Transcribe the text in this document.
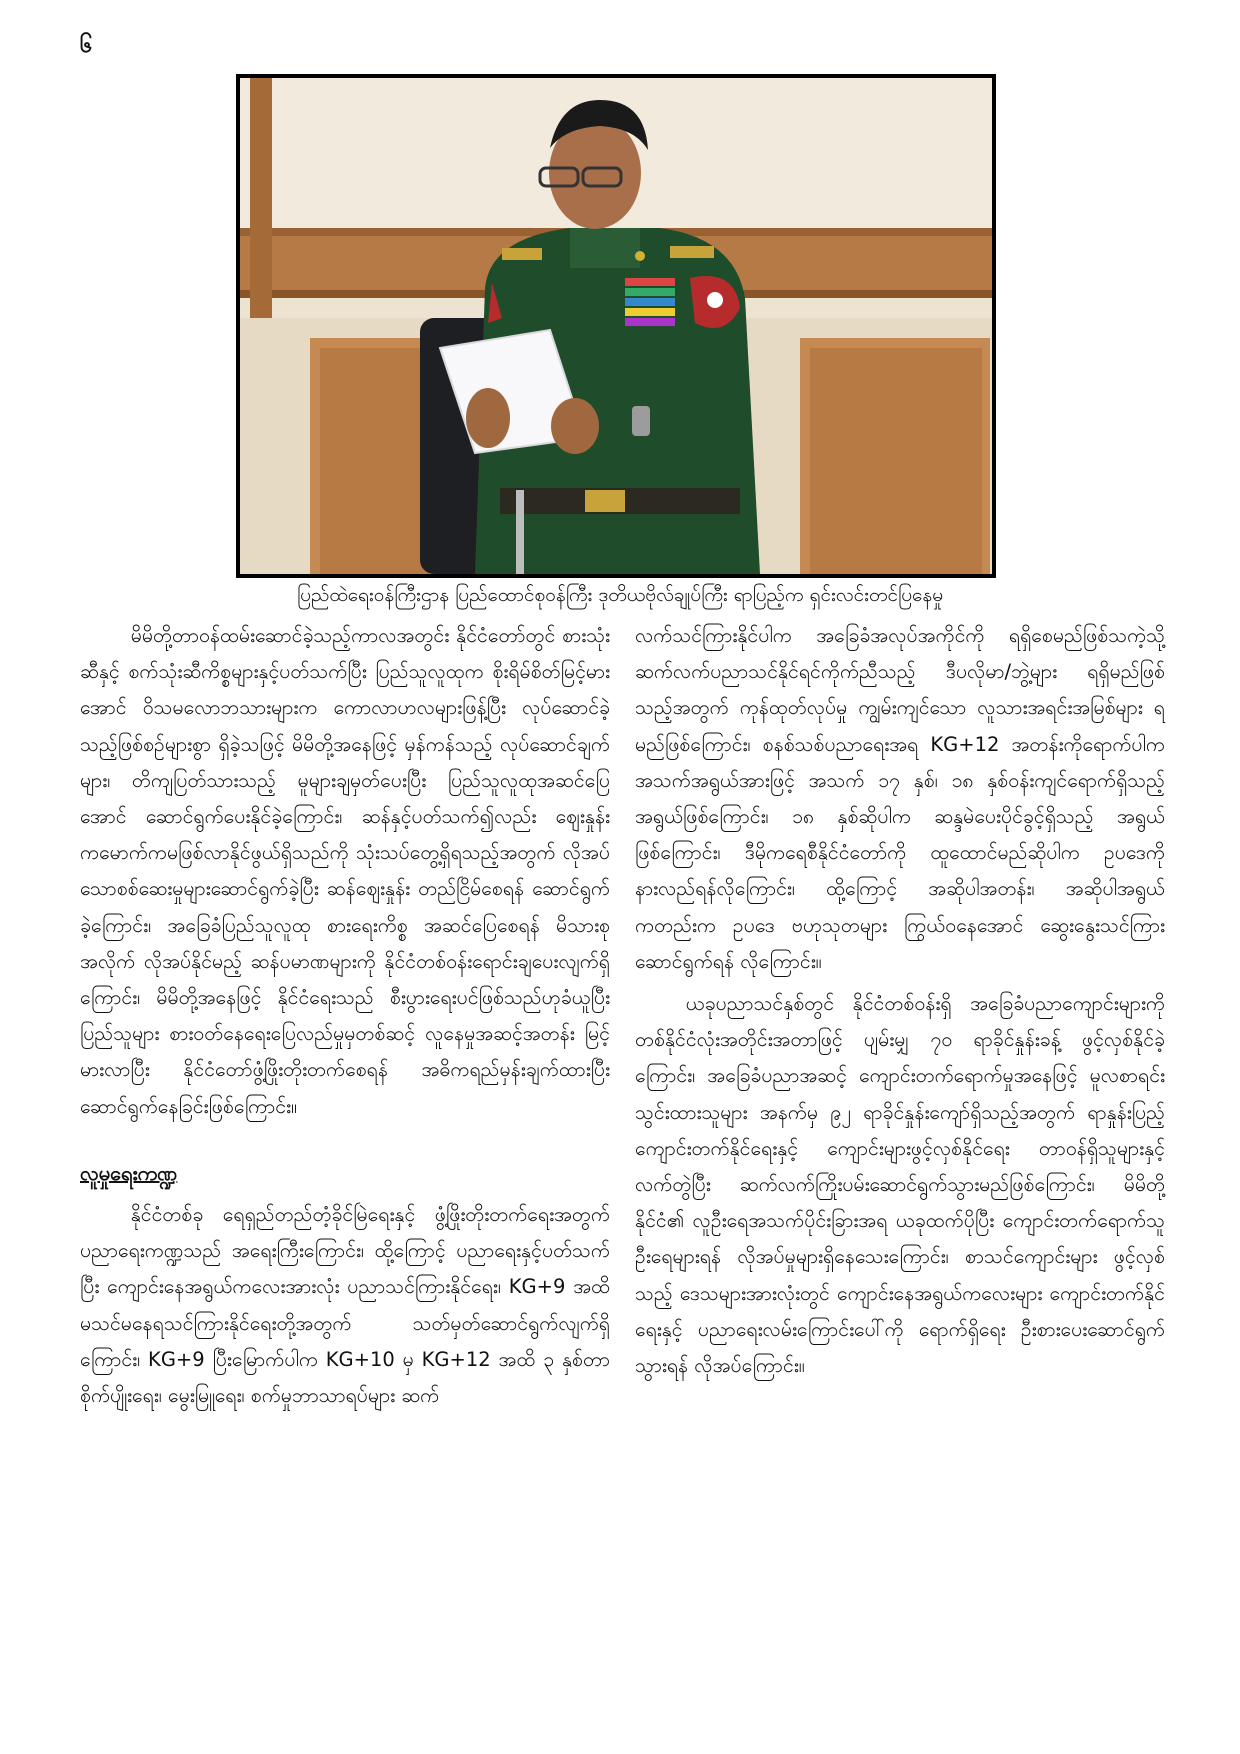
၆
ပြည်ထဲရေးဝန်ကြီးဌာန ပြည်ထောင်စုဝန်ကြီး ဒုတိယဗိုလ်ချုပ်ကြီး ရာပြည့်က ရှင်းလင်းတင်ပြနေမှု

မိမိတို့တာဝန်ထမ်းဆောင်ခဲ့သည့်ကာလအတွင်း နိုင်ငံတော်တွင် စားသုံးဆီနှင့် စက်သုံးဆီကိစ္စများနှင့်ပတ်သက်ပြီး ပြည်သူလူထုက စိုးရိမ်စိတ်မြင့်မားအောင် ဝိသမလောဘသားများက ကောလာဟလများဖြန့်ပြီး လုပ်ဆောင်ခဲ့သည့်ဖြစ်စဉ်များစွာ ရှိခဲ့သဖြင့် မိမိတို့အနေဖြင့် မှန်ကန်သည့် လုပ်ဆောင်ချက်များ၊ တိကျပြတ်သားသည့် မူများချမှတ်ပေးပြီး ပြည်သူလူထုအဆင်ပြေအောင် ဆောင်ရွက်ပေးနိုင်ခဲ့ကြောင်း၊ ဆန်နှင့်ပတ်သက်၍လည်း ဈေးနှုန်းကမောက်ကမဖြစ်လာနိုင်ဖွယ်ရှိသည်ကို သုံးသပ်တွေ့ရှိရသည့်အတွက် လိုအပ်သောစစ်ဆေးမှုများဆောင်ရွက်ခဲ့ပြီး ဆန်ဈေးနှုန်း တည်ငြိမ်စေရန် ဆောင်ရွက်ခဲ့ကြောင်း၊ အခြေခံပြည်သူလူထု စားရေးကိစ္စ အဆင်ပြေစေရန် မိသားစုအလိုက် လိုအပ်နိုင်မည့် ဆန်ပမာဏများကို နိုင်ငံတစ်ဝန်းရောင်းချပေးလျက်ရှိကြောင်း၊ မိမိတို့အနေဖြင့် နိုင်ငံရေးသည် စီးပွားရေးပင်ဖြစ်သည်ဟုခံယူပြီး ပြည်သူများ စားဝတ်နေရေးပြေလည်မှုမှတစ်ဆင့် လူနေမှုအဆင့်အတန်း မြင့်မားလာပြီး နိုင်ငံတော်ဖွံ့ဖြိုးတိုးတက်စေရန် အဓိကရည်မှန်းချက်ထားပြီး ဆောင်ရွက်နေခြင်းဖြစ်ကြောင်း။

လူမှုရေးကဏ္ဍ

နိုင်ငံတစ်ခု ရေရှည်တည်တံ့ခိုင်မြဲရေးနှင့် ဖွံ့ဖြိုးတိုးတက်ရေးအတွက် ပညာရေးကဏ္ဍသည် အရေးကြီးကြောင်း၊ ထို့ကြောင့် ပညာရေးနှင့်ပတ်သက်ပြီး ကျောင်းနေအရွယ်ကလေးအားလုံး ပညာသင်ကြားနိုင်ရေး၊ KG+9 အထိ မသင်မနေရသင်ကြားနိုင်ရေးတို့အတွက် သတ်မှတ်ဆောင်ရွက်လျက်ရှိကြောင်း၊ KG+9 ပြီးမြောက်ပါက KG+10 မှ KG+12 အထိ ၃ နှစ်တာ စိုက်ပျိုးရေး၊ မွေးမြူရေး၊ စက်မှုဘာသာရပ်များ ဆက်

လက်သင်ကြားနိုင်ပါက အခြေခံအလုပ်အကိုင်ကို ရရှိစေမည်ဖြစ်သကဲ့သို့ ဆက်လက်ပညာသင်နိုင်ရင်ကိုက်ညီသည့် ဒီပလိုမာ/ဘွဲ့များ ရရှိမည်ဖြစ်သည့်အတွက် ကုန်ထုတ်လုပ်မှု ကျွမ်းကျင်သော လူသားအရင်းအမြစ်များ ရမည်ဖြစ်ကြောင်း၊ စနစ်သစ်ပညာရေးအရ KG+12 အတန်းကိုရောက်ပါက အသက်အရွယ်အားဖြင့် အသက် ၁၇ နှစ်၊ ၁၈ နှစ်ဝန်းကျင်ရောက်ရှိသည့် အရွယ်ဖြစ်ကြောင်း၊ ၁၈ နှစ်ဆိုပါက ဆန္ဒမဲပေးပိုင်ခွင့်ရှိသည့် အရွယ်ဖြစ်ကြောင်း၊ ဒီမိုကရေစီနိုင်ငံတော်ကို ထူထောင်မည်ဆိုပါက ဥပဒေကို နားလည်ရန်လိုကြောင်း၊ ထို့ကြောင့် အဆိုပါအတန်း၊ အဆိုပါအရွယ်ကတည်းက ဥပဒေ ဗဟုသုတများ ကြွယ်ဝနေအောင် ဆွေးနွေးသင်ကြားဆောင်ရွက်ရန် လိုကြောင်း။

ယခုပညာသင်နှစ်တွင် နိုင်ငံတစ်ဝန်းရှိ အခြေခံပညာကျောင်းများကို တစ်နိုင်ငံလုံးအတိုင်းအတာဖြင့် ပျမ်းမျှ ၇၀ ရာခိုင်နှုန်းခန့် ဖွင့်လှစ်နိုင်ခဲ့ကြောင်း၊ အခြေခံပညာအဆင့် ကျောင်းတက်ရောက်မှုအနေဖြင့် မူလစာရင်းသွင်းထားသူများ အနက်မှ ၉၂ ရာခိုင်နှုန်းကျော်ရှိသည့်အတွက် ရာနှုန်းပြည့် ကျောင်းတက်နိုင်ရေးနှင့် ကျောင်းများဖွင့်လှစ်နိုင်ရေး တာဝန်ရှိသူများနှင့်လက်တွဲပြီး ဆက်လက်ကြိုးပမ်းဆောင်ရွက်သွားမည်ဖြစ်ကြောင်း၊ မိမိတို့နိုင်ငံ၏ လူဦးရေအသက်ပိုင်းခြားအရ ယခုထက်ပိုပြီး ကျောင်းတက်ရောက်သူဦးရေများရန် လိုအပ်မှုများရှိနေသေးကြောင်း၊ စာသင်ကျောင်းများ ဖွင့်လှစ်သည့် ဒေသများအားလုံးတွင် ကျောင်းနေအရွယ်ကလေးများ ကျောင်းတက်နိုင်ရေးနှင့် ပညာရေးလမ်းကြောင်းပေါ်ကို ရောက်ရှိရေး ဦးစားပေးဆောင်ရွက်သွားရန် လိုအပ်ကြောင်း။
